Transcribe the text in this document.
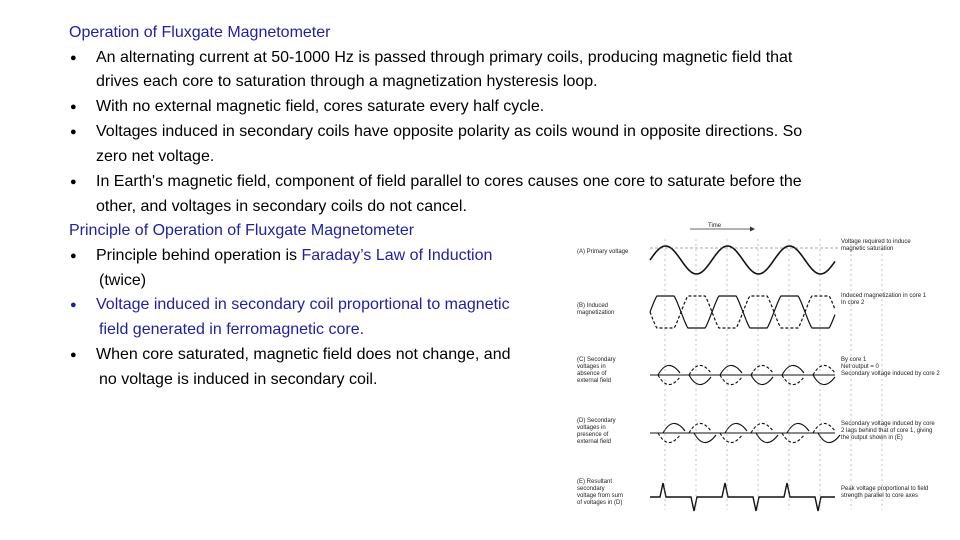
Operation of Fluxgate Magnetometer
● An alternating current at 50-1000 Hz is passed through primary coils, producing magnetic field that
drives each core to saturation through a magnetization hysteresis loop.
● With no external magnetic field, cores saturate every half cycle.
● Voltages induced in secondary coils have opposite polarity as coils wound in opposite directions. So
zero net voltage.
● In Earth's magnetic field, component of field parallel to cores causes one core to saturate before the
other, and voltages in secondary coils do not cancel.
Principle of Operation of Fluxgate Magnetometer
● Principle behind operation is Faraday’s Law of Induction
(twice)
● Voltage induced in secondary coil proportional to magnetic
field generated in ferromagnetic core.
● When core saturated, magnetic field does not change, and
no voltage is induced in secondary coil.
Time
(A) Primary voltage
(B) Induced
magnetization
(C) Secondary
voltages in
absence of
external field
(D) Secondary
voltages in
presence of
external field
(E) Resultant
secondary
voltage from sum
of voltages in (D)
Voltage required to induce
magnetic saturation
Induced magnetization in core 1
In core 2
By core 1
Net output = 0
Secondary voltage induced by core 2
Secondary voltage induced by core
2 lags behind that of core 1, giving
the output shown in (E)
Peak voltage proportional to field
strength parallel to core axes
